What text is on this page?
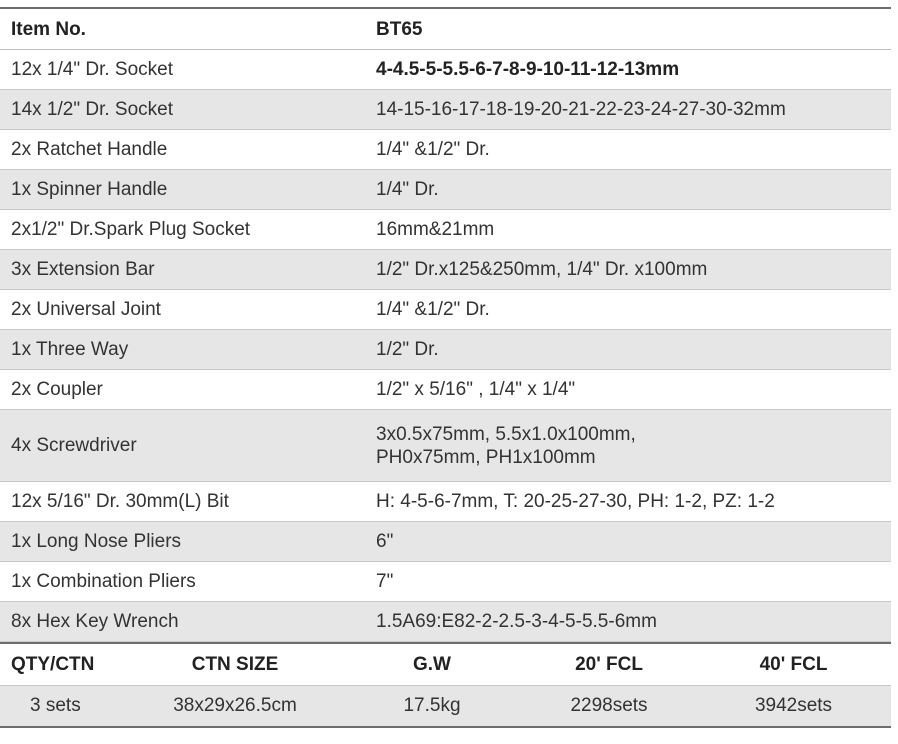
Item No.	BT65
12x 1/4" Dr. Socket	4-4.5-5-5.5-6-7-8-9-10-11-12-13mm
14x 1/2" Dr. Socket	14-15-16-17-18-19-20-21-22-23-24-27-30-32mm
2x Ratchet Handle	1/4" &1/2" Dr.
1x Spinner Handle	1/4" Dr.
2x1/2" Dr.Spark Plug Socket	16mm&21mm
3x Extension Bar	1/2" Dr.x125&250mm, 1/4" Dr. x100mm
2x Universal Joint	1/4" &1/2" Dr.
1x Three Way	1/2" Dr.
2x Coupler	1/2" x 5/16" , 1/4" x 1/4"
4x Screwdriver	3x0.5x75mm, 5.5x1.0x100mm,
PH0x75mm, PH1x100mm

12x 5/16" Dr. 30mm(L) Bit	H: 4-5-6-7mm, T: 20-25-27-30, PH: 1-2, PZ: 1-2
1x Long Nose Pliers	6"
1x Combination Pliers	7"
8x Hex Key Wrench	1.5A69:E82-2-2.5-3-4-5-5.5-6mm
QTY/CTN	CTN SIZE	G.W	20' FCL	40' FCL
3 sets	38x29x26.5cm	17.5kg	2298sets	3942sets
